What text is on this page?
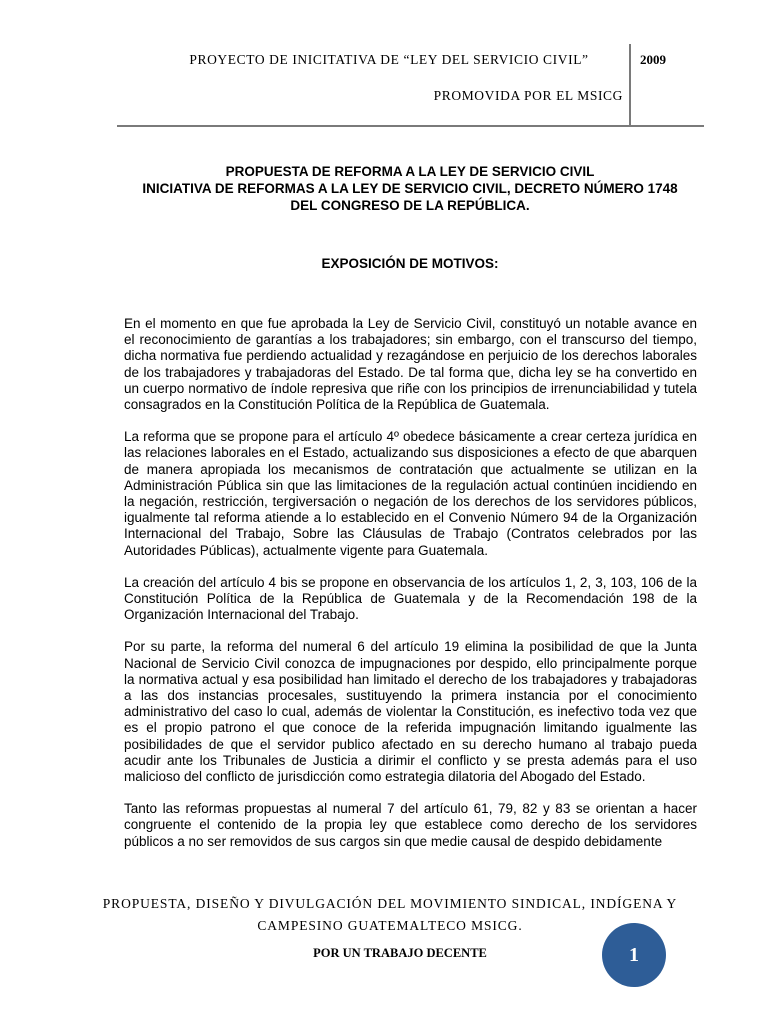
PROYECTO DE INICITATIVA DE “LEY DEL SERVICIO CIVIL”
PROMOVIDA POR EL MSICG
2009
PROPUESTA DE REFORMA A LA LEY DE SERVICIO CIVIL
INICIATIVA DE REFORMAS A LA LEY DE SERVICIO CIVIL, DECRETO NÚMERO 1748
DEL CONGRESO DE LA REPÚBLICA.
EXPOSICIÓN DE MOTIVOS:

En el momento en que fue aprobada la Ley de Servicio Civil, constituyó un notable avance en el reconocimiento de garantías a los trabajadores; sin embargo, con el transcurso del tiempo, dicha normativa fue perdiendo actualidad y rezagándose en perjuicio de los derechos laborales de los trabajadores y trabajadoras del Estado. De tal forma que, dicha ley se ha convertido en un cuerpo normativo de índole represiva que riñe con los principios de irrenunciabilidad y tutela consagrados en la Constitución Política de la República de Guatemala.

La reforma que se propone para el artículo 4º obedece básicamente a crear certeza jurídica en las relaciones laborales en el Estado, actualizando sus disposiciones a efecto de que abarquen de manera apropiada los mecanismos de contratación que actualmente se utilizan en la Administración Pública sin que las limitaciones de la regulación actual continúen incidiendo en la negación, restricción, tergiversación o negación de los derechos de los servidores públicos, igualmente tal reforma atiende a lo establecido en el Convenio Número 94 de la Organización Internacional del Trabajo, Sobre las Cláusulas de Trabajo (Contratos celebrados por las Autoridades Públicas), actualmente vigente para Guatemala.

La creación del artículo 4 bis se propone en observancia de los artículos 1, 2, 3, 103, 106 de la Constitución Política de la República de Guatemala y de la Recomendación 198 de la Organización Internacional del Trabajo.

Por su parte, la reforma del numeral 6 del artículo 19 elimina la posibilidad de que la Junta Nacional de Servicio Civil conozca de impugnaciones por despido, ello principalmente porque la normativa actual y esa posibilidad han limitado el derecho de los trabajadores y trabajadoras a las dos instancias procesales, sustituyendo la primera instancia por el conocimiento administrativo del caso lo cual, además de violentar la Constitución, es inefectivo toda vez que es el propio patrono el que conoce de la referida impugnación limitando igualmente las posibilidades de que el servidor publico afectado en su derecho humano al trabajo pueda acudir ante los Tribunales de Justicia a dirimir el conflicto y se presta además para el uso malicioso del conflicto de jurisdicción como estrategia dilatoria del Abogado del Estado.

Tanto las reformas propuestas al numeral 7 del artículo 61, 79, 82 y 83 se orientan a hacer congruente el contenido de la propia ley que establece como derecho de los servidores públicos a no ser removidos de sus cargos sin que medie causal de despido debidamente

PROPUESTA, DISEÑO Y DIVULGACIÓN DEL MOVIMIENTO SINDICAL, INDÍGENA Y
CAMPESINO GUATEMALTECO MSICG.
POR UN TRABAJO DECENTE	1
